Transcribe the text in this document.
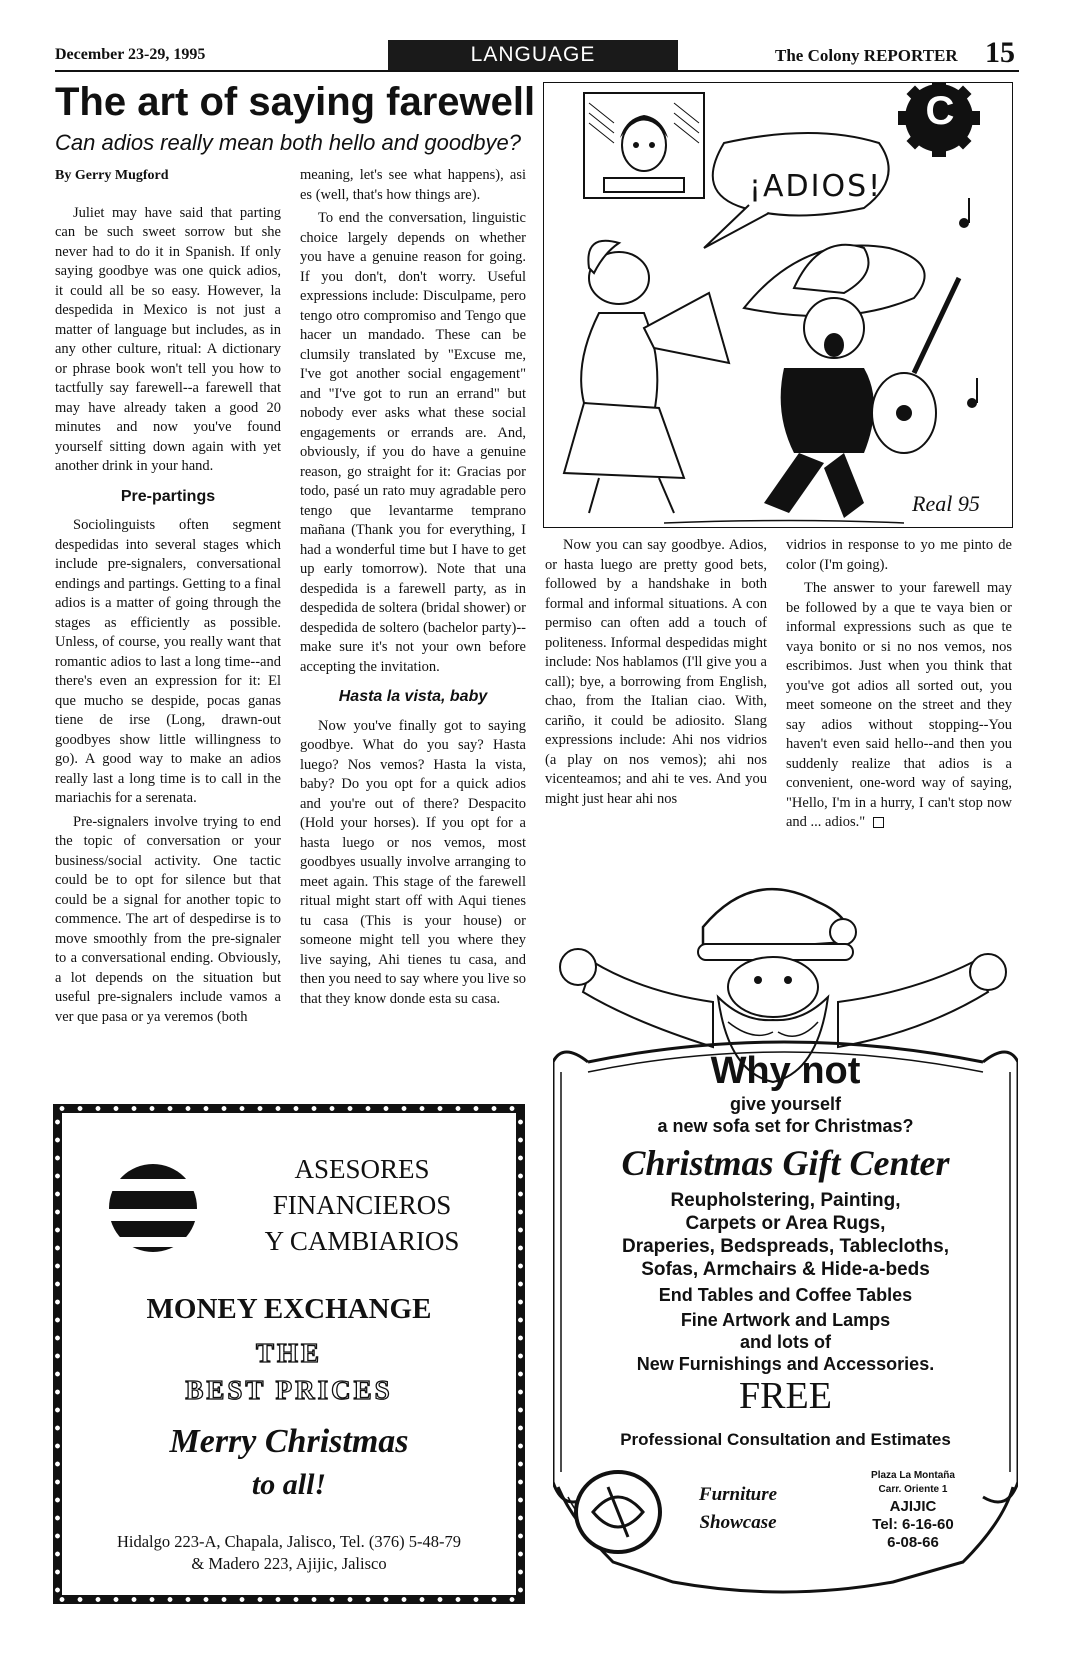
December 23-29, 1995	LANGUAGE	The Colony REPORTER 15
The art of saying farewell
Can adios really mean both hello and goodbye?
By Gerry Mugford

Juliet may have said that parting can be such sweet sorrow but she never had to do it in Spanish. If only saying goodbye was one quick adios, it could all be so easy. However, la despedida in Mexico is not just a matter of language but includes, as in any other culture, ritual: A dictionary or phrase book won't tell you how to tactfully say farewell--a farewell that may have already taken a good 20 minutes and now you've found yourself sitting down again with yet another drink in your hand.

Pre-partings

Sociolinguists often segment despedidas into several stages which include pre-signalers, conversational endings and partings. Getting to a final adios is a matter of going through the stages as efficiently as possible. Unless, of course, you really want that romantic adios to last a long time--and there's even an expression for it: El que mucho se despide, pocas ganas tiene de irse (Long, drawn-out goodbyes show little willingness to go). A good way to make an adios really last a long time is to call in the mariachis for a serenata.

Pre-signalers involve trying to end the topic of conversation or your business/social activity. One tactic could be to opt for silence but that could be a signal for another topic to commence. The art of despedirse is to move smoothly from the pre-signaler to a conversational ending. Obviously, a lot depends on the situation but useful pre-signalers include vamos a ver que pasa or ya veremos (both

meaning, let's see what happens), asi es (well, that's how things are).

To end the conversation, linguistic choice largely depends on whether you have a genuine reason for going. If you don't, don't worry. Useful expressions include: Disculpame, pero tengo otro compromiso and Tengo que hacer un mandado. These can be clumsily translated by "Excuse me, I've got another social engagement" and "I've got to run an errand" but nobody ever asks what these social engagements or errands are. And, obviously, if you do have a genuine reason, go straight for it: Gracias por todo, pasé un rato muy agradable pero tengo que levantarme temprano mañana (Thank you for everything, I had a wonderful time but I have to get up early tomorrow). Note that una despedida is a farewell party, as in despedida de soltera (bridal shower) or despedida de soltero (bachelor party)--make sure it's not your own before accepting the invitation.

Hasta la vista, baby

Now you've finally got to saying goodbye. What do you say? Hasta luego? Nos vemos? Hasta la vista, baby? Do you opt for a quick adios and you're out of there? Despacito (Hold your horses). If you opt for a hasta luego or nos vemos, most goodbyes usually involve arranging to meet again. This stage of the farewell ritual might start off with Aqui tienes tu casa (This is your house) or someone might tell you where they live saying, Ahi tienes tu casa, and then you need to say where you live so that they know donde esta su casa.

¡ADIOS!
C
Real 95

Now you can say goodbye. Adios, or hasta luego are pretty good bets, followed by a handshake in both formal and informal situations. A con permiso can often add a touch of politeness. Informal despedidas might include: Nos hablamos (I'll give you a call); bye, a borrowing from English, chao, from the Italian ciao. With, cariño, it could be adiosito. Slang expressions include: Ahi nos vidrios (a play on nos vemos); ahi nos vicenteamos; and ahi te ves. And you might just hear ahi nos

vidrios in response to yo me pinto de color (I'm going).

The answer to your farewell may be followed by a que te vaya bien or informal expressions such as que te vaya bonito or si no nos vemos, nos escribimos. Just when you think that you've got adios all sorted out, you meet someone on the street and they say adios without stopping--You haven't even said hello--and then you suddenly realize that adios is a convenient, one-word way of saying, "Hello, I'm in a hurry, I can't stop now and ... adios."

ASESORES
FINANCIEROS
Y CAMBIARIOS
MONEY EXCHANGE
THE
BEST PRICES
Merry Christmas
to all!
Hidalgo 223-A, Chapala, Jalisco, Tel. (376) 5-48-79
& Madero 223, Ajijic, Jalisco
Why not
give yourself
a new sofa set for Christmas?
Christmas Gift Center
Reupholstering, Painting,
Carpets or Area Rugs,
Draperies, Bedspreads, Tablecloths,
Sofas, Armchairs & Hide-a-beds
End Tables and Coffee Tables
Fine Artwork and Lamps
and lots of
New Furnishings and Accessories.
FREE
Professional Consultation and Estimates
Furniture
Showcase
Plaza La Montaña
Carr. Oriente 1
AJIJIC
Tel: 6-16-60
6-08-66
